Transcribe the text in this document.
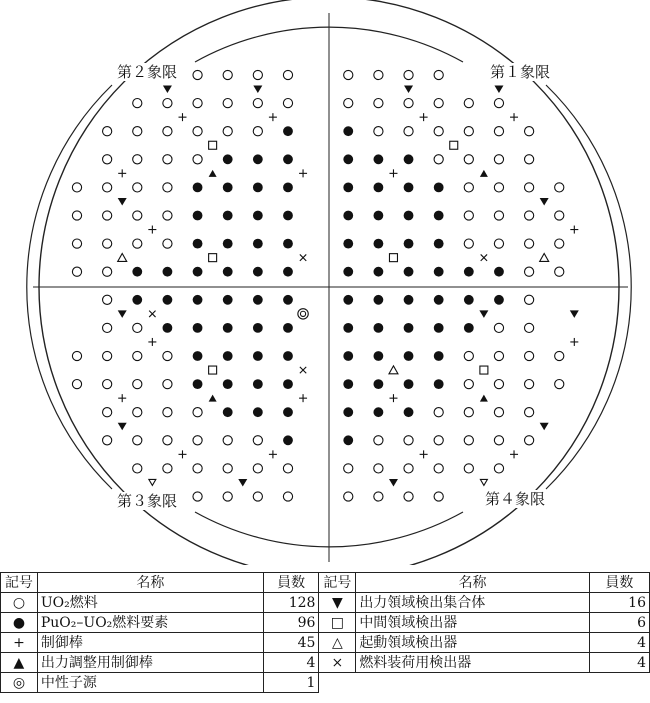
第１象限
第２象限
第３象限	第４象限
記号	名称	員数	記号	名称	員数
○	UO₂燃料	128	▼	出力領域検出集合体	16
●	PuO₂–UO₂燃料要素	96	□	中間領域検出器	6
+	制御棒	45	△	起動領域検出器	4
▲	出力調整用制御棒	4	×	燃料装荷用検出器	4
◎	中性子源	1			
